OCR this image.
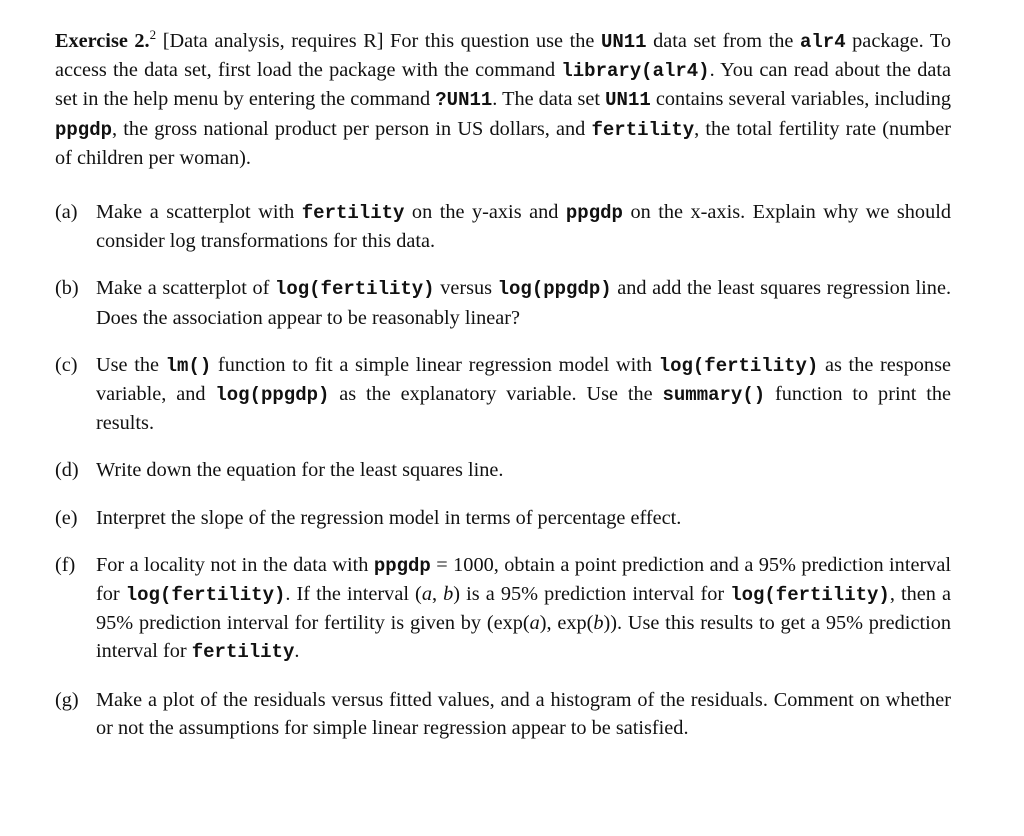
Exercise 2.$^2$ [Data analysis, requires R] For this question use the UN11 data set from the alr4 package. To access the data set, first load the package with the command library(alr4). You can read about the data set in the help menu by entering the command ?UN11. The data set UN11 contains several variables, including ppgdp, the gross national product per person in US dollars, and fertility, the total fertility rate (number of children per woman).

(a) Make a scatterplot with fertility on the y-axis and ppgdp on the x-axis. Explain why we should consider log transformations for this data.
(b) Make a scatterplot of log(fertility) versus log(ppgdp) and add the least squares regression line. Does the association appear to be reasonably linear?
(c) Use the lm() function to fit a simple linear regression model with log(fertility) as the response variable, and log(ppgdp) as the explanatory variable. Use the summary() function to print the results.
(d) Write down the equation for the least squares line.
(e) Interpret the slope of the regression model in terms of percentage effect.
(f)	For a locality not in the data with ppgdp = 1000, obtain a point prediction and a 95% prediction interval for log(fertility). If the interval (a, b) is a 95% prediction interval for log(fertility), then a 95% prediction interval for fertility is given by (exp(a), exp(b)). Use this results to get a 95% prediction interval for fertility.
(g) Make a plot of the residuals versus fitted values, and a histogram of the residuals. Comment on whether or not the assumptions for simple linear regression appear to be satisfied.
